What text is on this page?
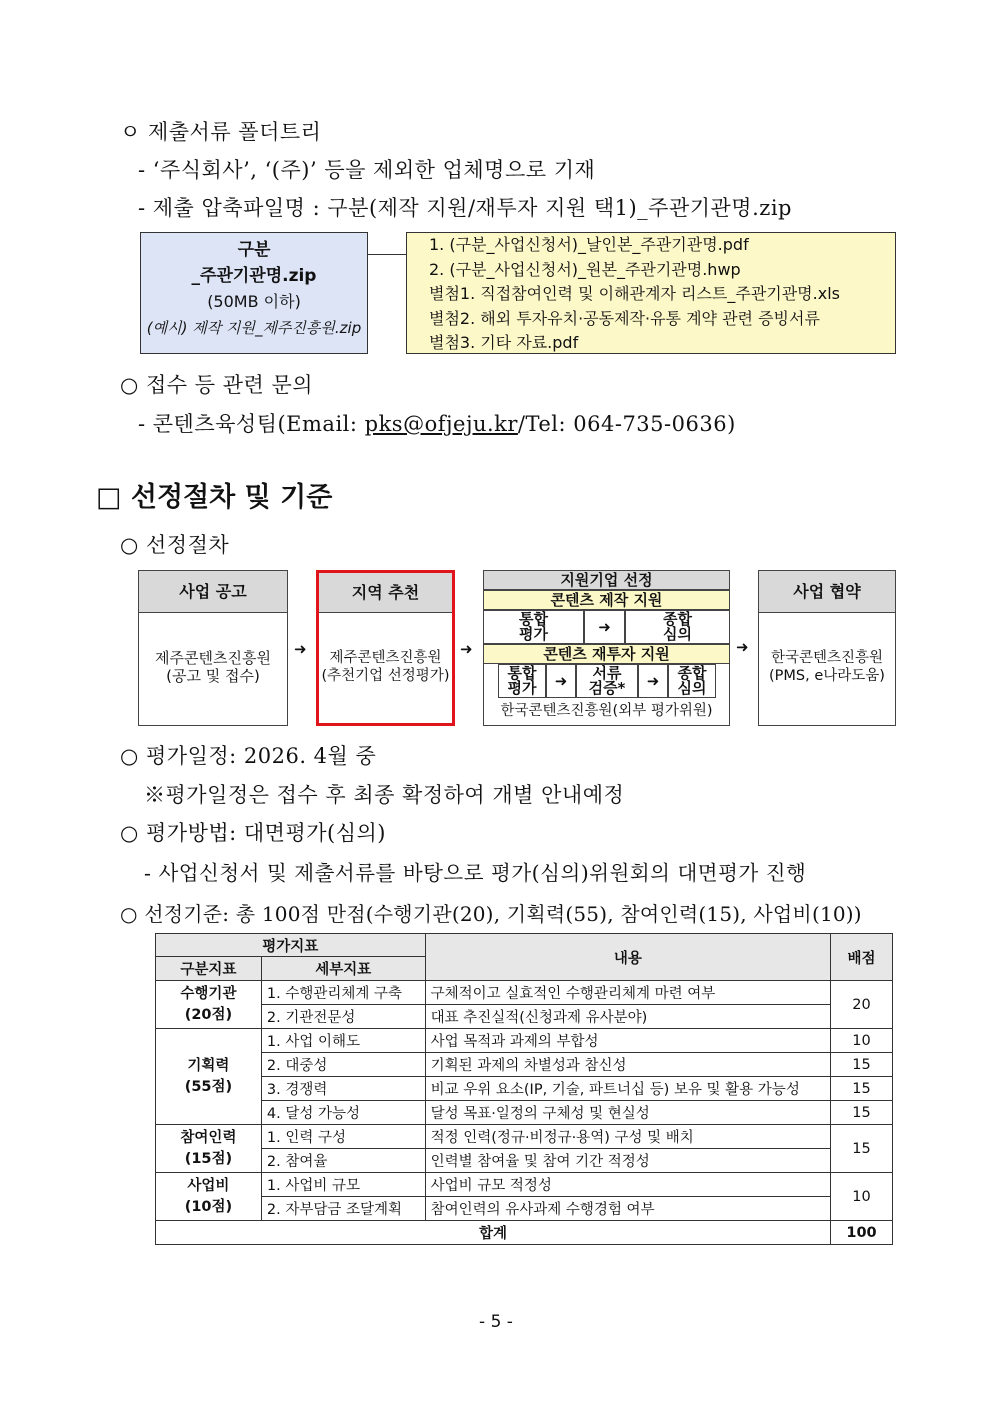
ㅇ 제출서류 폴더트리
- ‘주식회사’, ‘(주)’ 등을 제외한 업체명으로 기재
- 제출 압축파일명 : 구분(제작 지원/재투자 지원 택1)_주관기관명.zip
구분
_주관기관명.zip
(50MB 이하)
(예시) 제작 지원_제주진흥원.zip
1. (구분_사업신청서)_날인본_주관기관명.pdf
2. (구분_사업신청서)_원본_주관기관명.hwp
별첨1. 직접참여인력 및 이해관계자 리스트_주관기관명.xls
별첨2. 해외 투자유치·공동제작·유통 계약 관련 증빙서류
별첨3. 기타 자료.pdf
○ 접수 등 관련 문의
- 콘텐츠육성팀(Email: pks@ofjeju.kr/Tel: 064-735-0636)
□ 선정절차 및 기준
○ 선정절차
사업 공고
제주콘텐츠진흥원
(공고 및 접수)
➜
지역 추천
제주콘텐츠진흥원
(추천기업 선정평가)
➜
지원기업 선정
콘텐츠 제작 지원
통합
평가	➜	종합
심의
콘텐츠 재투자 지원
통합
평가	➜	서류
검증*	➜	종합
심의
한국콘텐츠진흥원(외부 평가위원)
➜
사업 협약
한국콘텐츠진흥원
(PMS, e나라도움)
○ 평가일정: 2026. 4월 중
※평가일정은 접수 후 최종 확정하여 개별 안내예정
○ 평가방법: 대면평가(심의)
- 사업신청서 및 제출서류를 바탕으로 평가(심의)위원회의 대면평가 진행
○ 선정기준: 총 100점 만점(수행기관(20), 기획력(55), 참여인력(15), 사업비(10))
평가지표		내용	배점
구분지표	세부지표		

수행기관
(20점)	1. 수행관리체계 구축	구체적이고 실효적인 수행관리체계 마련 여부	20
	2. 기관전문성	대표 추진실적(신청과제 유사분야)	

기획력
(55점)	1. 사업 이해도	사업 목적과 과제의 부합성	10
	2. 대중성	기획된 과제의 차별성과 참신성	15
	3. 경쟁력	비교 우위 요소(IP, 기술, 파트너십 등) 보유 및 활용 가능성	15
	4. 달성 가능성	달성 목표·일정의 구체성 및 현실성	15

참여인력
(15점)	1. 인력 구성	적정 인력(정규·비정규·용역) 구성 및 배치	15
	2. 참여율	인력별 참여율 및 참여 기간 적정성	

사업비
(10점)	1. 사업비 규모	사업비 규모 적정성	10
	2. 자부담금 조달계획	참여인력의 유사과제 수행경험 여부	
합계			100
- 5 -
